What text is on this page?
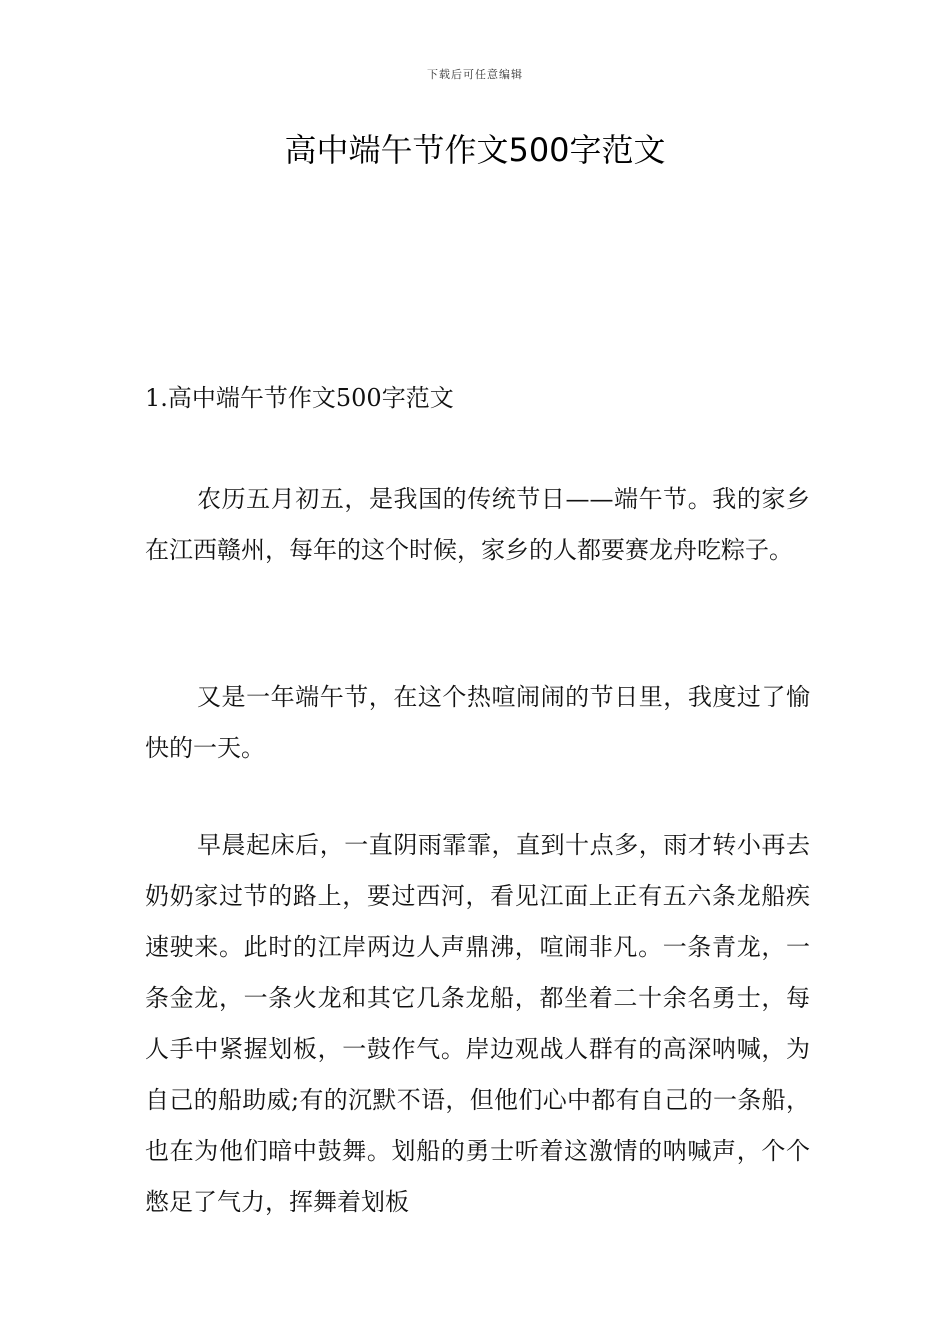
下载后可任意编辑
高中端午节作文500字范文
1.高中端午节作文500字范文

农历五月初五，是我国的传统节日——端午节。我的家乡在江西赣州，每年的这个时候，家乡的人都要赛龙舟吃粽子。

又是一年端午节，在这个热喧闹闹的节日里，我度过了愉快的一天。

早晨起床后，一直阴雨霏霏，直到十点多，雨才转小再去奶奶家过节的路上，要过西河，看见江面上正有五六条龙船疾速驶来。此时的江岸两边人声鼎沸，喧闹非凡。一条青龙，一条金龙，一条火龙和其它几条龙船，都坐着二十余名勇士，每人手中紧握划板，一鼓作气。岸边观战人群有的高深呐喊，为自己的船助威;有的沉默不语，但他们心中都有自己的一条船，也在为他们暗中鼓舞。划船的勇士听着这激情的呐喊声，个个憋足了气力，挥舞着划板
